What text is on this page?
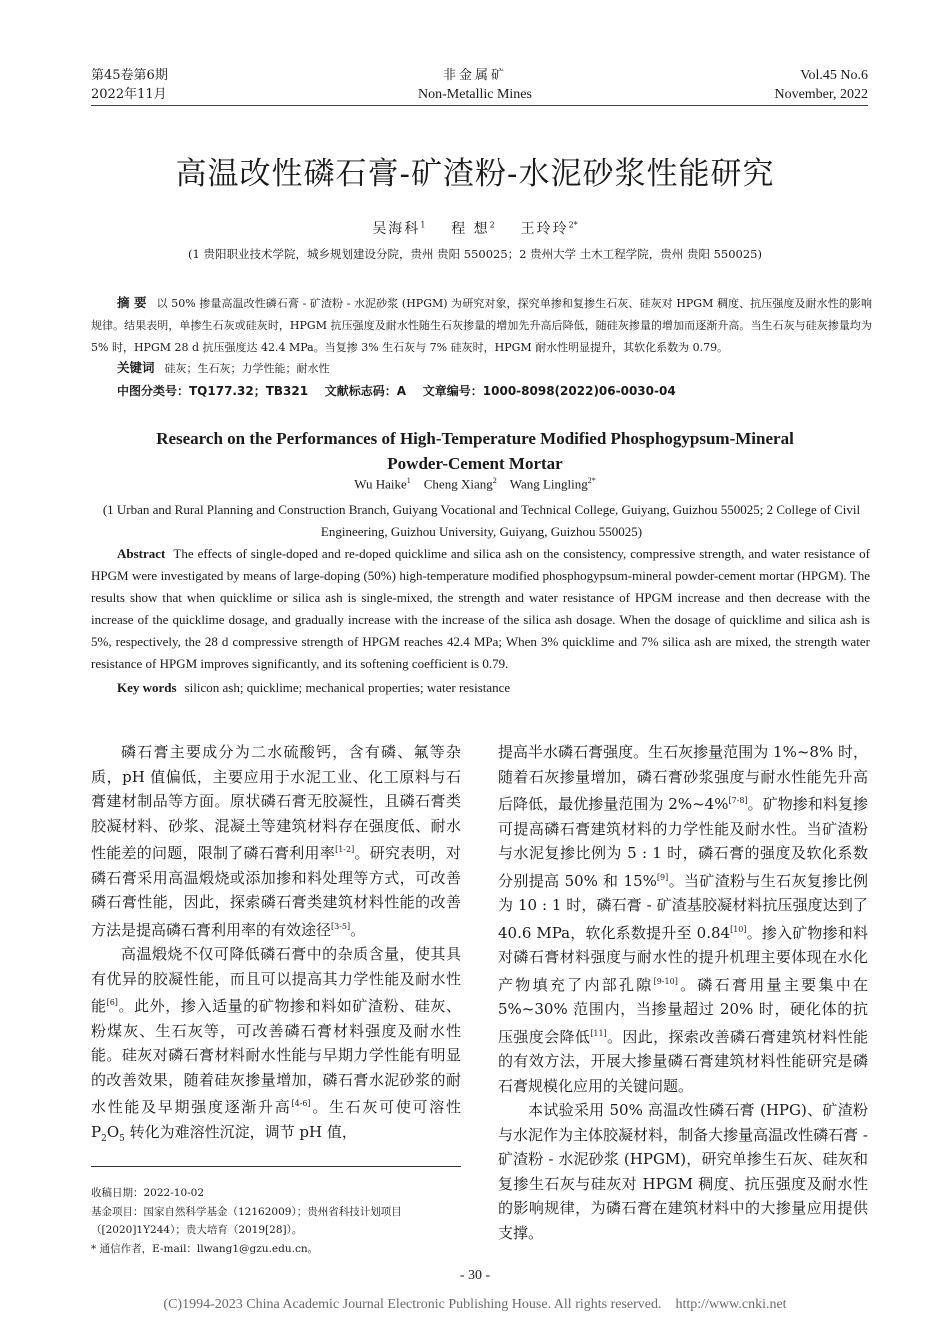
第45卷第6期
2022年11月
非金属矿
Non-Metallic Mines
Vol.45 No.6
November, 2022
高温改性磷石膏-矿渣粉-水泥砂浆性能研究
吴海科$^1$ 程 想$^2$ 王玲玲$^{2*}$
(1 贵阳职业技术学院，城乡规划建设分院，贵州 贵阳 550025；2 贵州大学 土木工程学院，贵州 贵阳 550025)
摘 要 以 50% 掺量高温改性磷石膏 - 矿渣粉 - 水泥砂浆 (HPGM) 为研究对象，探究单掺和复掺生石灰、硅灰对 HPGM 稠度、抗压强度及耐水性的影响规律。结果表明，单掺生石灰或硅灰时，HPGM 抗压强度及耐水性随生石灰掺量的增加先升高后降低，随硅灰掺量的增加而逐渐升高。当生石灰与硅灰掺量均为 5% 时，HPGM 28 d 抗压强度达 42.4 MPa。当复掺 3% 生石灰与 7% 硅灰时，HPGM 耐水性明显提升，其软化系数为 0.79。
关键词 硅灰；生石灰；力学性能；耐水性
中图分类号：TQ177.32；TB321    文献标志码：A    文章编号：1000-8098(2022)06-0030-04
Research on the Performances of High-Temperature Modified Phosphogypsum-Mineral
Powder-Cement Mortar
Wu Haike$^1$ Cheng Xiang$^2$ Wang Lingling$^{2*}$
(1 Urban and Rural Planning and Construction Branch, Guiyang Vocational and Technical College, Guiyang, Guizhou 550025; 2 College of Civil
Engineering, Guizhou University, Guiyang, Guizhou 550025)
Abstract The effects of single-doped and re-doped quicklime and silica ash on the consistency, compressive strength, and water resistance of HPGM were investigated by means of large-doping (50%) high-temperature modified phosphogypsum-mineral powder-cement mortar (HPGM). The results show that when quicklime or silica ash is single-mixed, the strength and water resistance of HPGM increase and then decrease with the increase of the quicklime dosage, and gradually increase with the increase of the silica ash dosage. When the dosage of quicklime and silica ash is 5%, respectively, the 28 d compressive strength of HPGM reaches 42.4 MPa; When 3% quicklime and 7% silica ash are mixed, the strength water resistance of HPGM improves significantly, and its softening coefficient is 0.79.
Key words silicon ash; quicklime; mechanical properties; water resistance

磷石膏主要成分为二水硫酸钙，含有磷、氟等杂质，pH 值偏低，主要应用于水泥工业、化工原料与石膏建材制品等方面。原状磷石膏无胶凝性，且磷石膏类胶凝材料、砂浆、混凝土等建筑材料存在强度低、耐水性能差的问题，限制了磷石膏利用率[1-2]。研究表明，对磷石膏采用高温煅烧或添加掺和料处理等方式，可改善磷石膏性能，因此，探索磷石膏类建筑材料性能的改善方法是提高磷石膏利用率的有效途径[3-5]。

高温煅烧不仅可降低磷石膏中的杂质含量，使其具有优异的胶凝性能，而且可以提高其力学性能及耐水性能[6]。此外，掺入适量的矿物掺和料如矿渣粉、硅灰、粉煤灰、生石灰等，可改善磷石膏材料强度及耐水性能。硅灰对磷石膏材料耐水性能与早期力学性能有明显的改善效果，随着硅灰掺量增加，磷石膏水泥砂浆的耐水性能及早期强度逐渐升高[4-6]。生石灰可使可溶性 $P_2O_5$ 转化为难溶性沉淀，调节 pH 值，

提高半水磷石膏强度。生石灰掺量范围为 1%~8% 时，随着石灰掺量增加，磷石膏砂浆强度与耐水性能先升高后降低，最优掺量范围为 2%~4%[7-8]。矿物掺和料复掺可提高磷石膏建筑材料的力学性能及耐水性。当矿渣粉与水泥复掺比例为 5 : 1 时，磷石膏的强度及软化系数分别提高 50% 和 15%[9]。当矿渣粉与生石灰复掺比例为 10 : 1 时，磷石膏 - 矿渣基胶凝材料抗压强度达到了 40.6 MPa，软化系数提升至 0.84[10]。掺入矿物掺和料对磷石膏材料强度与耐水性的提升机理主要体现在水化产物填充了内部孔隙[9-10]。磷石膏用量主要集中在 5%~30% 范围内，当掺量超过 20% 时，硬化体的抗压强度会降低[11]。因此，探索改善磷石膏建筑材料性能的有效方法，开展大掺量磷石膏建筑材料性能研究是磷石膏规模化应用的关键问题。

本试验采用 50% 高温改性磷石膏 (HPG)、矿渣粉与水泥作为主体胶凝材料，制备大掺量高温改性磷石膏 - 矿渣粉 - 水泥砂浆 (HPGM)，研究单掺生石灰、硅灰和复掺生石灰与硅灰对 HPGM 稠度、抗压强度及耐水性的影响规律，为磷石膏在建筑材料中的大掺量应用提供支撑。

收稿日期：2022-10-02
基金项目：国家自然科学基金（12162009）；贵州省科技计划项目（[2020]1Y244）；贵大培育（2019[28]）。
* 通信作者，E-mail：llwang1@gzu.edu.cn。
- 30 -
(C)1994-2023 China Academic Journal Electronic Publishing House. All rights reserved.    http://www.cnki.net
